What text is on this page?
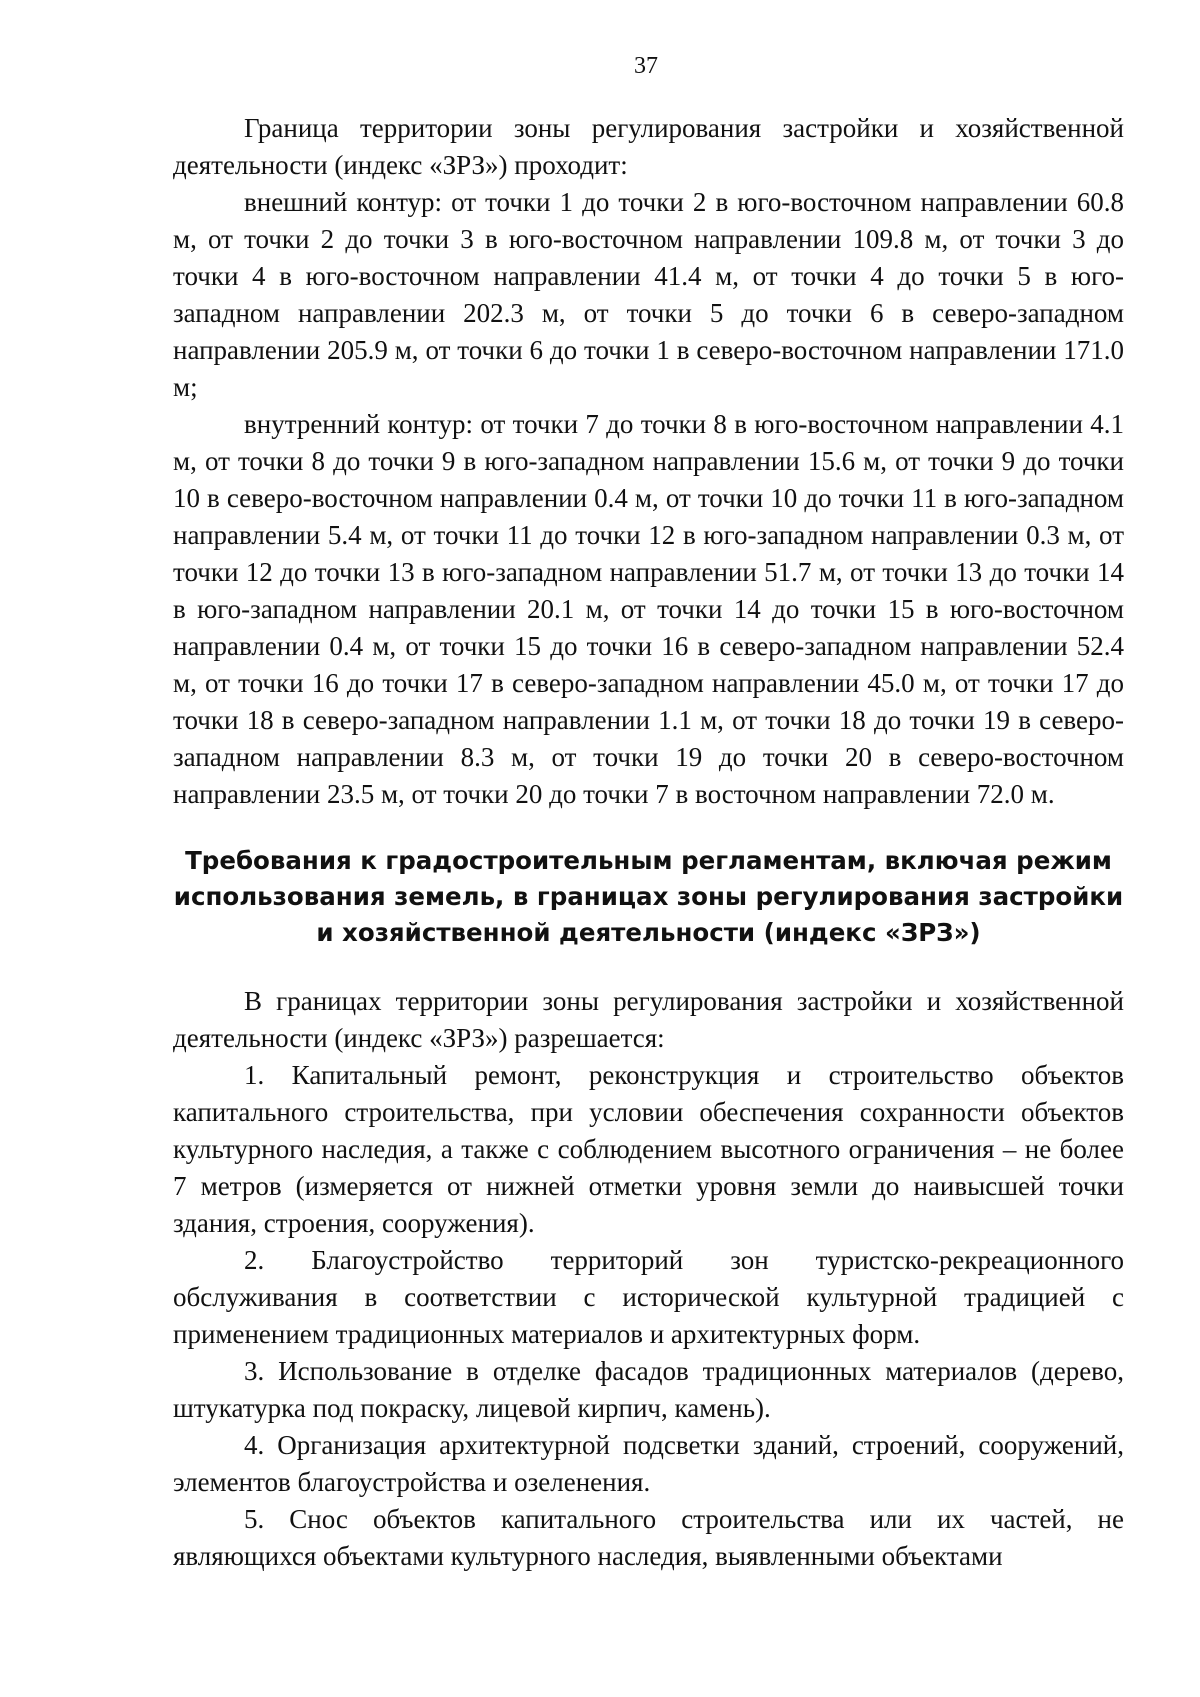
37

Граница территории зоны регулирования застройки и хозяйственной деятельности (индекс «ЗРЗ») проходит:

внешний контур: от точки 1 до точки 2 в юго-восточном направлении 60.8 м, от точки 2 до точки 3 в юго-восточном направлении 109.8 м, от точки 3 до точки 4 в юго-восточном направлении 41.4 м, от точки 4 до точки 5 в юго-западном направлении 202.3 м, от точки 5 до точки 6 в северо-западном направлении 205.9 м, от точки 6 до точки 1 в северо-восточном направлении 171.0 м;

внутренний контур: от точки 7 до точки 8 в юго-восточном направлении 4.1 м, от точки 8 до точки 9 в юго-западном направлении 15.6 м, от точки 9 до точки 10 в северо-восточном направлении 0.4 м, от точки 10 до точки 11 в юго-западном направлении 5.4 м, от точки 11 до точки 12 в юго-западном направлении 0.3 м, от точки 12 до точки 13 в юго-западном направлении 51.7 м, от точки 13 до точки 14 в юго-западном направлении 20.1 м, от точки 14 до точки 15 в юго-восточном направлении 0.4 м, от точки 15 до точки 16 в северо-западном направлении 52.4 м, от точки 16 до точки 17 в северо-западном направлении 45.0 м, от точки 17 до точки 18 в северо-западном направлении 1.1 м, от точки 18 до точки 19 в северо-западном направлении 8.3 м, от точки 19 до точки 20 в северо-восточном направлении 23.5 м, от точки 20 до точки 7 в восточном направлении 72.0 м.

Требования к градостроительным регламентам, включая режим
использования земель, в границах зоны регулирования застройки
и хозяйственной деятельности (индекс «ЗРЗ»)

В границах территории зоны регулирования застройки и хозяйственной деятельности (индекс «ЗРЗ») разрешается:

1. Капитальный ремонт, реконструкция и строительство объектов капитального строительства, при условии обеспечения сохранности объектов культурного наследия, а также с соблюдением высотного ограничения – не более 7 метров (измеряется от нижней отметки уровня земли до наивысшей точки здания, строения, сооружения).

2. Благоустройство территорий зон туристско-рекреационного обслуживания в соответствии с исторической культурной традицией с применением традиционных материалов и архитектурных форм.

3. Использование в отделке фасадов традиционных материалов (дерево, штукатурка под покраску, лицевой кирпич, камень).

4. Организация архитектурной подсветки зданий, строений, сооружений, элементов благоустройства и озеленения.

5. Снос объектов капитального строительства или их частей, не являющихся объектами культурного наследия, выявленными объектами
